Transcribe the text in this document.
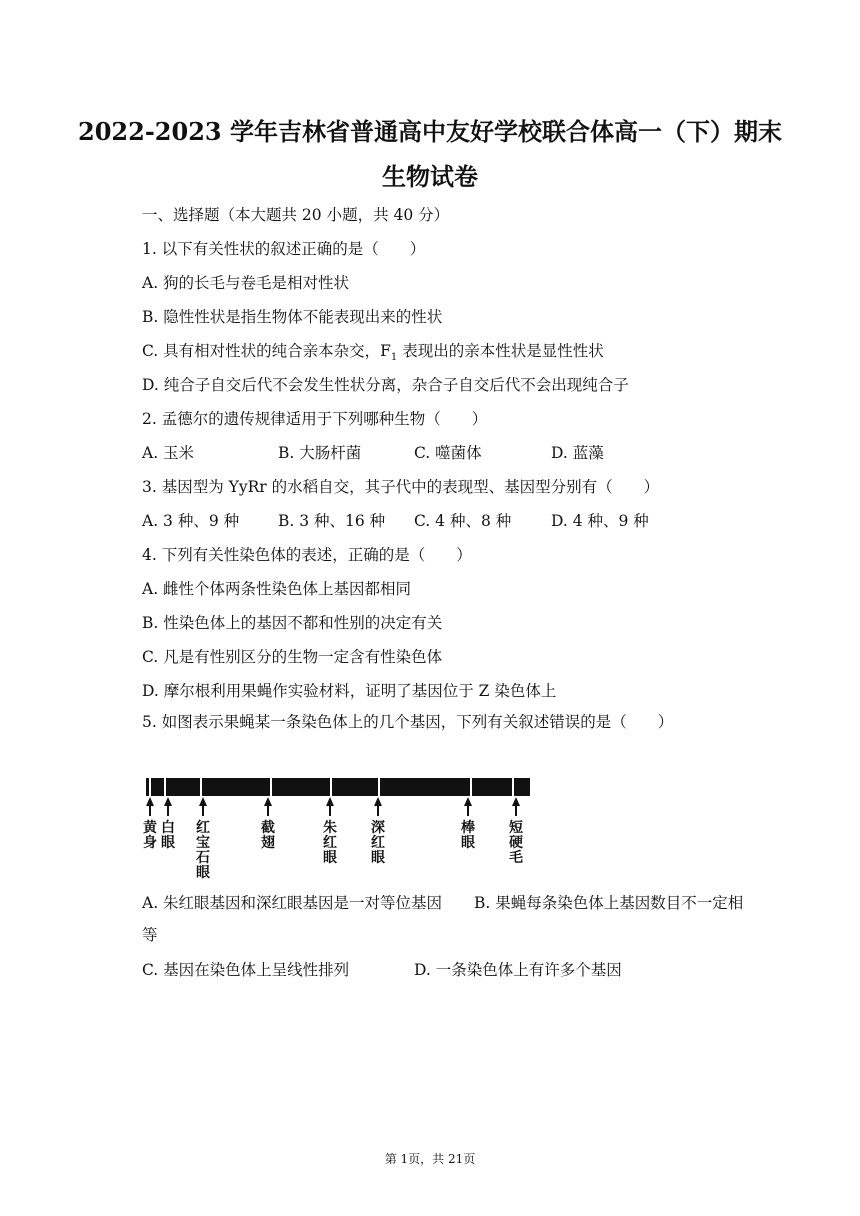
2022-2023 学年吉林省普通高中友好学校联合体高一（下）期末
生物试卷
一、选择题（本大题共 20 小题，共 40 分）
1. 以下有关性状的叙述正确的是（　　）
A. 狗的长毛与卷毛是相对性状
B. 隐性性状是指生物体不能表现出来的性状
C. 具有相对性状的纯合亲本杂交，$F_1$ 表现出的亲本性状是显性性状
D. 纯合子自交后代不会发生性状分离，杂合子自交后代不会出现纯合子
2. 孟德尔的遗传规律适用于下列哪种生物（　　）
A. 玉米	B. 大肠杆菌	C. 噬菌体	D. 蓝藻
3. 基因型为 YyRr 的水稻自交，其子代中的表现型、基因型分别有（　　）
A. 3 种、9 种	B. 3 种、16 种 C. 4 种、8 种	D. 4 种、9 种
4. 下列有关性染色体的表述，正确的是（　　）
A. 雌性个体两条性染色体上基因都相同
B. 性染色体上的基因不都和性别的决定有关
C. 凡是有性别区分的生物一定含有性染色体
D. 摩尔根利用果蝇作实验材料，证明了基因位于 Z 染色体上
5. 如图表示果蝇某一条染色体上的几个基因，下列有关叙述错误的是（　　）
黄身
白眼
红宝石眼
截翅
朱红眼
深红眼
棒眼
短硬毛
A. 朱红眼基因和深红眼基因是一对等位基因 B. 果蝇每条染色体上基因数目不一定相
等
C. 基因在染色体上呈线性排列	D. 一条染色体上有许多个基因
第 1页，共 21页
